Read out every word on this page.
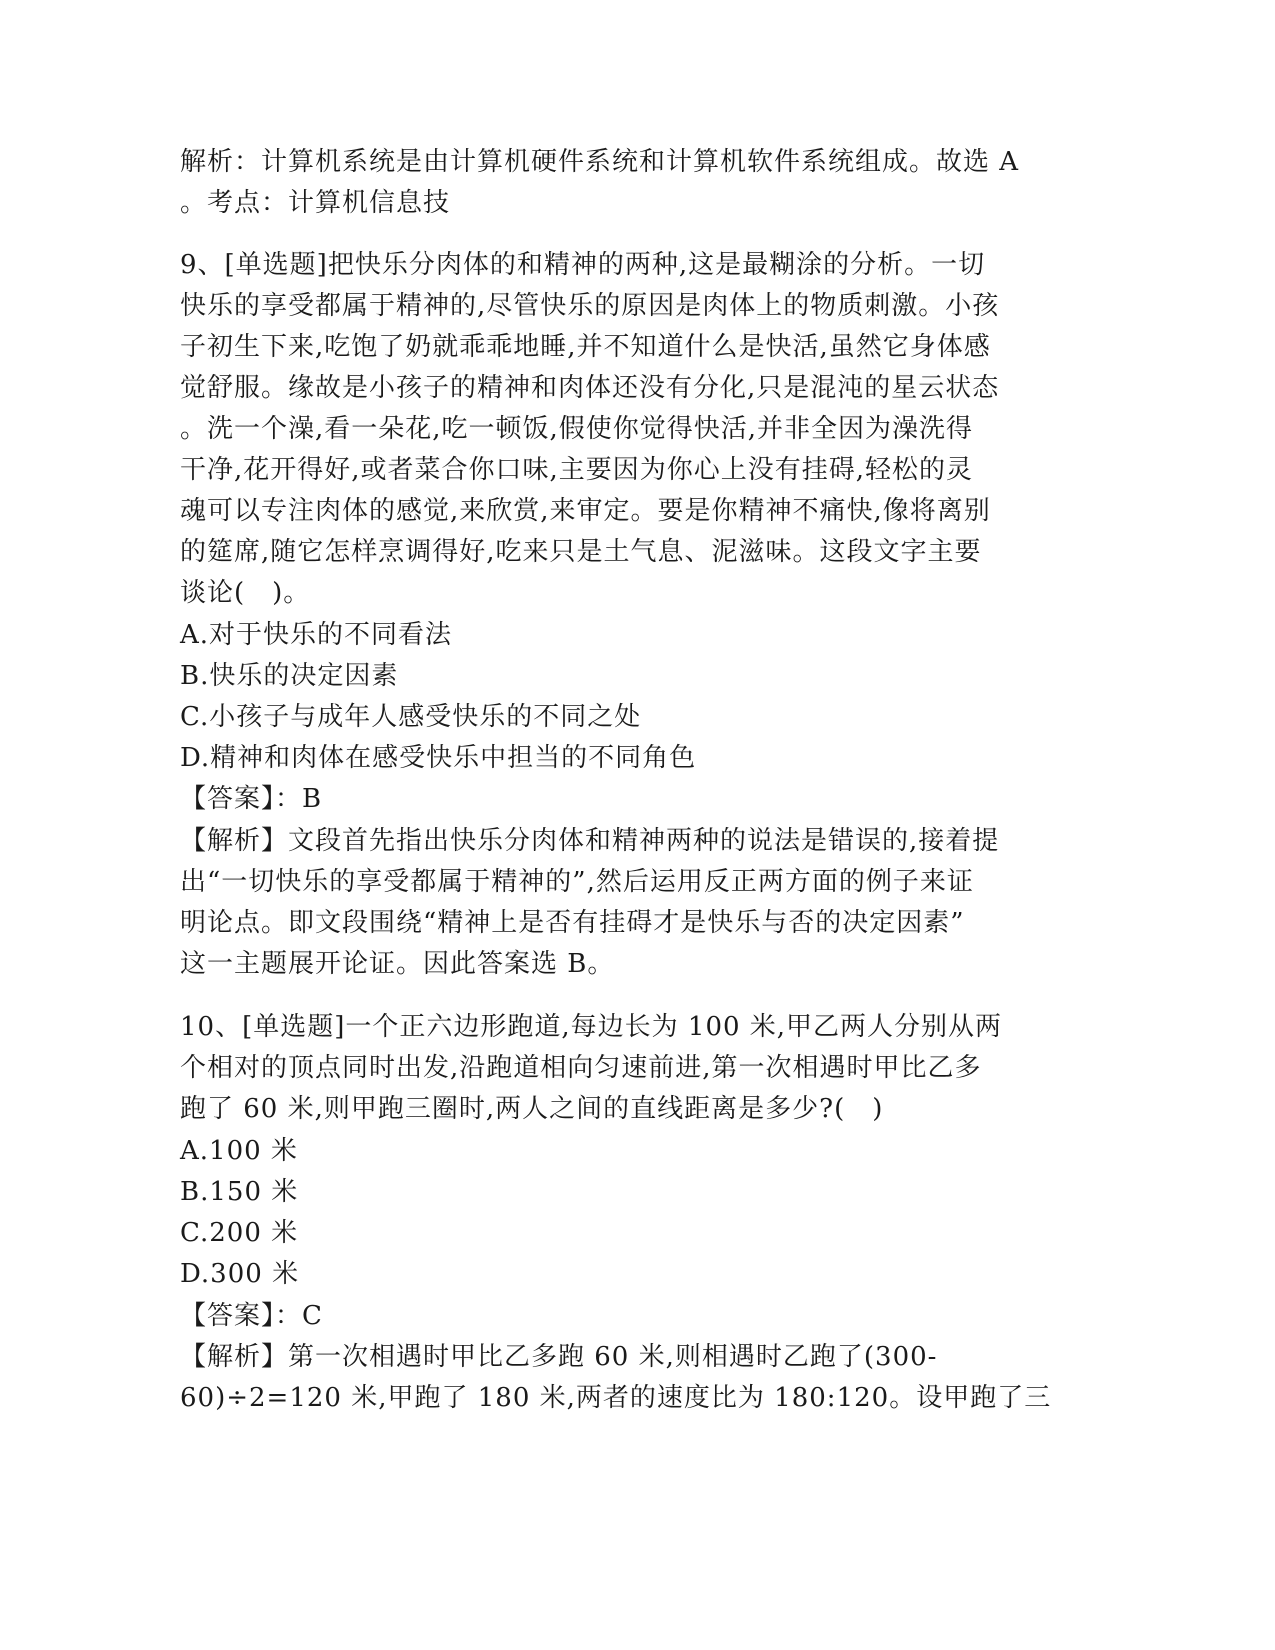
解析：计算机系统是由计算机硬件系统和计算机软件系统组成。故选 A
。考点：计算机信息技
9、[单选题]把快乐分肉体的和精神的两种,这是最糊涂的分析。一切
快乐的享受都属于精神的,尽管快乐的原因是肉体上的物质刺激。小孩
子初生下来,吃饱了奶就乖乖地睡,并不知道什么是快活,虽然它身体感
觉舒服。缘故是小孩子的精神和肉体还没有分化,只是混沌的星云状态
。洗一个澡,看一朵花,吃一顿饭,假使你觉得快活,并非全因为澡洗得
干净,花开得好,或者菜合你口味,主要因为你心上没有挂碍,轻松的灵
魂可以专注肉体的感觉,来欣赏,来审定。要是你精神不痛快,像将离别
的筵席,随它怎样烹调得好,吃来只是土气息、泥滋味。这段文字主要
谈论(　)。
A.对于快乐的不同看法
B.快乐的决定因素
C.小孩子与成年人感受快乐的不同之处
D.精神和肉体在感受快乐中担当的不同角色
【答案】：B
【解析】文段首先指出快乐分肉体和精神两种的说法是错误的,接着提
出“一切快乐的享受都属于精神的”,然后运用反正两方面的例子来证
明论点。即文段围绕“精神上是否有挂碍才是快乐与否的决定因素”
这一主题展开论证。因此答案选 B。
10、[单选题]一个正六边形跑道,每边长为 100 米,甲乙两人分别从两
个相对的顶点同时出发,沿跑道相向匀速前进,第一次相遇时甲比乙多
跑了 60 米,则甲跑三圈时,两人之间的直线距离是多少?(　)
A.100 米
B.150 米
C.200 米
D.300 米
【答案】：C
【解析】第一次相遇时甲比乙多跑 60 米,则相遇时乙跑了(300-
60)÷2=120 米,甲跑了 180 米,两者的速度比为 180:120。设甲跑了三
